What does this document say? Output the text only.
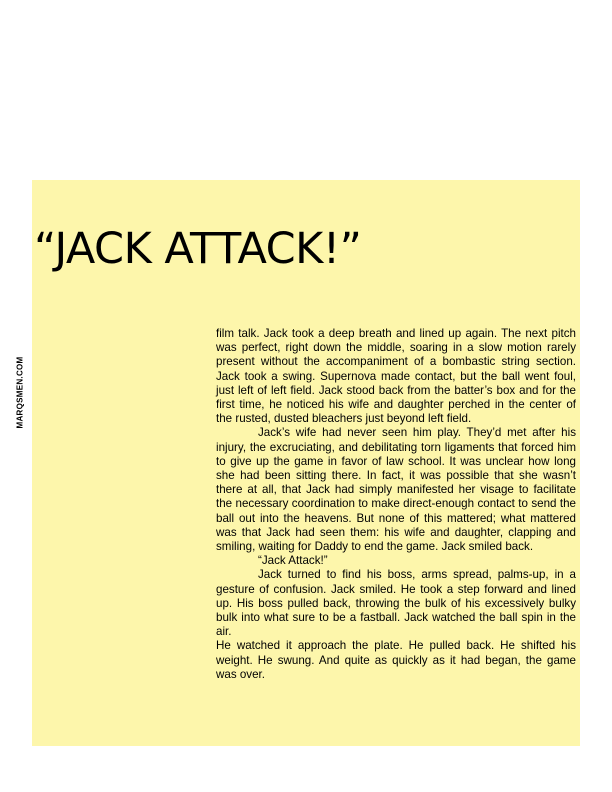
“JACK ATTACK!”
MARQSMEN.COM

film talk. Jack took a deep breath and lined up again. The next pitch was perfect, right down the middle, soaring in a slow motion rarely present without the accompaniment of a bombastic string section. Jack took a swing. Supernova made contact, but the ball went foul, just left of left field. Jack stood back from the batter’s box and for the first time, he noticed his wife and daughter perched in the center of the rusted, dusted bleachers just beyond left field.

Jack’s wife had never seen him play. They’d met after his injury, the excruciating, and debilitating torn ligaments that forced him to give up the game in favor of law school. It was unclear how long she had been sitting there. In fact, it was possible that she wasn’t there at all, that Jack had simply manifested her visage to facilitate the necessary coordination to make direct-enough contact to send the ball out into the heavens. But none of this mattered; what mattered was that Jack had seen them: his wife and daughter, clapping and smiling, waiting for Daddy to end the game. Jack smiled back.

“Jack Attack!”

Jack turned to find his boss, arms spread, palms-up, in a gesture of confusion. Jack smiled. He took a step forward and lined up. His boss pulled back, throwing the bulk of his excessively bulky bulk into what sure to be a fastball. Jack watched the ball spin in the air.

He watched it approach the plate. He pulled back. He shifted his weight. He swung. And quite as quickly as it had began, the game was over.
